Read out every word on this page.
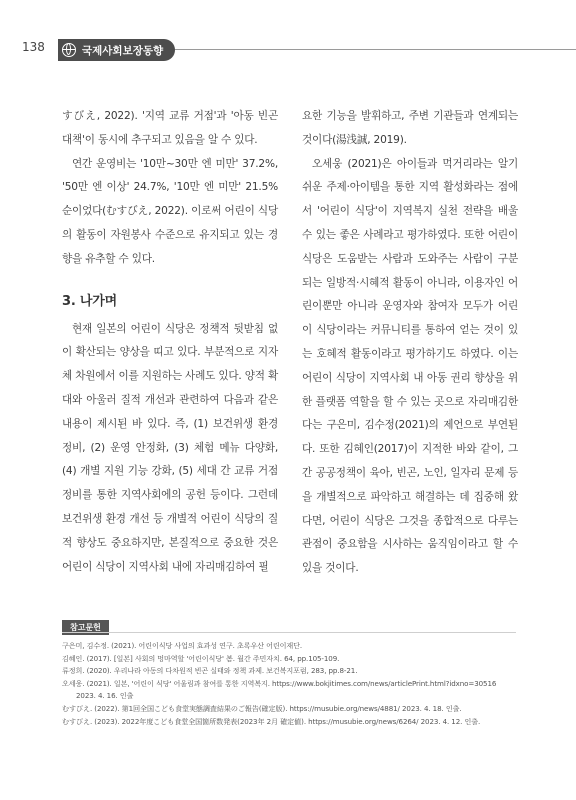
138	국제사회보장동향

すびえ, 2022). '지역 교류 거점'과 '아동 빈곤 대책'이 동시에 추구되고 있음을 알 수 있다.

연간 운영비는 '10만~30만 엔 미만' 37.2%, '50만 엔 이상' 24.7%, '10만 엔 미만' 21.5% 순이었다(むすびえ, 2022). 이로써 어린이 식당의 활동이 자원봉사 수준으로 유지되고 있는 경향을 유추할 수 있다.

3. 나가며

현재 일본의 어린이 식당은 정책적 뒷받침 없이 확산되는 양상을 띠고 있다. 부분적으로 지자체 차원에서 이를 지원하는 사례도 있다. 양적 확대와 아울러 질적 개선과 관련하여 다음과 같은 내용이 제시된 바 있다. 즉, (1) 보건위생 환경 정비, (2) 운영 안정화, (3) 체험 메뉴 다양화, (4) 개별 지원 기능 강화, (5) 세대 간 교류 거점 정비를 통한 지역사회에의 공헌 등이다. 그런데 보건위생 환경 개선 등 개별적 어린이 식당의 질적 향상도 중요하지만, 본질적으로 중요한 것은 어린이 식당이 지역사회 내에 자리매김하여 필

요한 기능을 발휘하고, 주변 기관들과 연계되는 것이다(湯浅誠, 2019).

오세웅 (2021)은 아이들과 먹거리라는 알기 쉬운 주제·아이템을 통한 지역 활성화라는 점에서 '어린이 식당'이 지역복지 실천 전략을 배울 수 있는 좋은 사례라고 평가하였다. 또한 어린이 식당은 도움받는 사람과 도와주는 사람이 구분되는 일방적·시혜적 활동이 아니라, 이용자인 어린이뿐만 아니라 운영자와 참여자 모두가 어린이 식당이라는 커뮤니티를 통하여 얻는 것이 있는 호혜적 활동이라고 평가하기도 하였다. 이는 어린이 식당이 지역사회 내 아동 권리 향상을 위한 플랫폼 역할을 할 수 있는 곳으로 자리매김한다는 구은미, 김수정(2021)의 제언으로 부연된다. 또한 김혜인(2017)이 지적한 바와 같이, 그간 공공정책이 육아, 빈곤, 노인, 일자리 문제 등을 개별적으로 파악하고 해결하는 데 집중해 왔다면, 어린이 식당은 그것을 종합적으로 다루는 관점이 중요함을 시사하는 움직임이라고 할 수 있을 것이다.

참고문헌
구은미, 김수정. (2021). 어린이식당 사업의 효과성 연구. 초록우산 어린이재단.
김혜인. (2017). [일본] 사회의 멍마역할 '어린이식당' 봄. 월간 주민자치. 64, pp.105-109.
류정희. (2020). 우리나라 아동의 다차원적 빈곤 실태와 정책 과제. 보건복지포럼, 283, pp.8-21.
오세웅. (2021). 일본, '어린이 식당' 어울림과 참여를 통한 지역복지. https://www.bokjitimes.com/news/articlePrint.html?idxno=30516
2023. 4. 16. 인출
むすびえ. (2022). 第1回全国こども食堂実態調査結果のご報告(確定版). https://musubie.org/news/4881/ 2023. 4. 18. 인출.
むすびえ. (2023). 2022年度こども食堂全国箇所数発表(2023年 2月 確定値). https://musubie.org/news/6264/ 2023. 4. 12. 인출.
